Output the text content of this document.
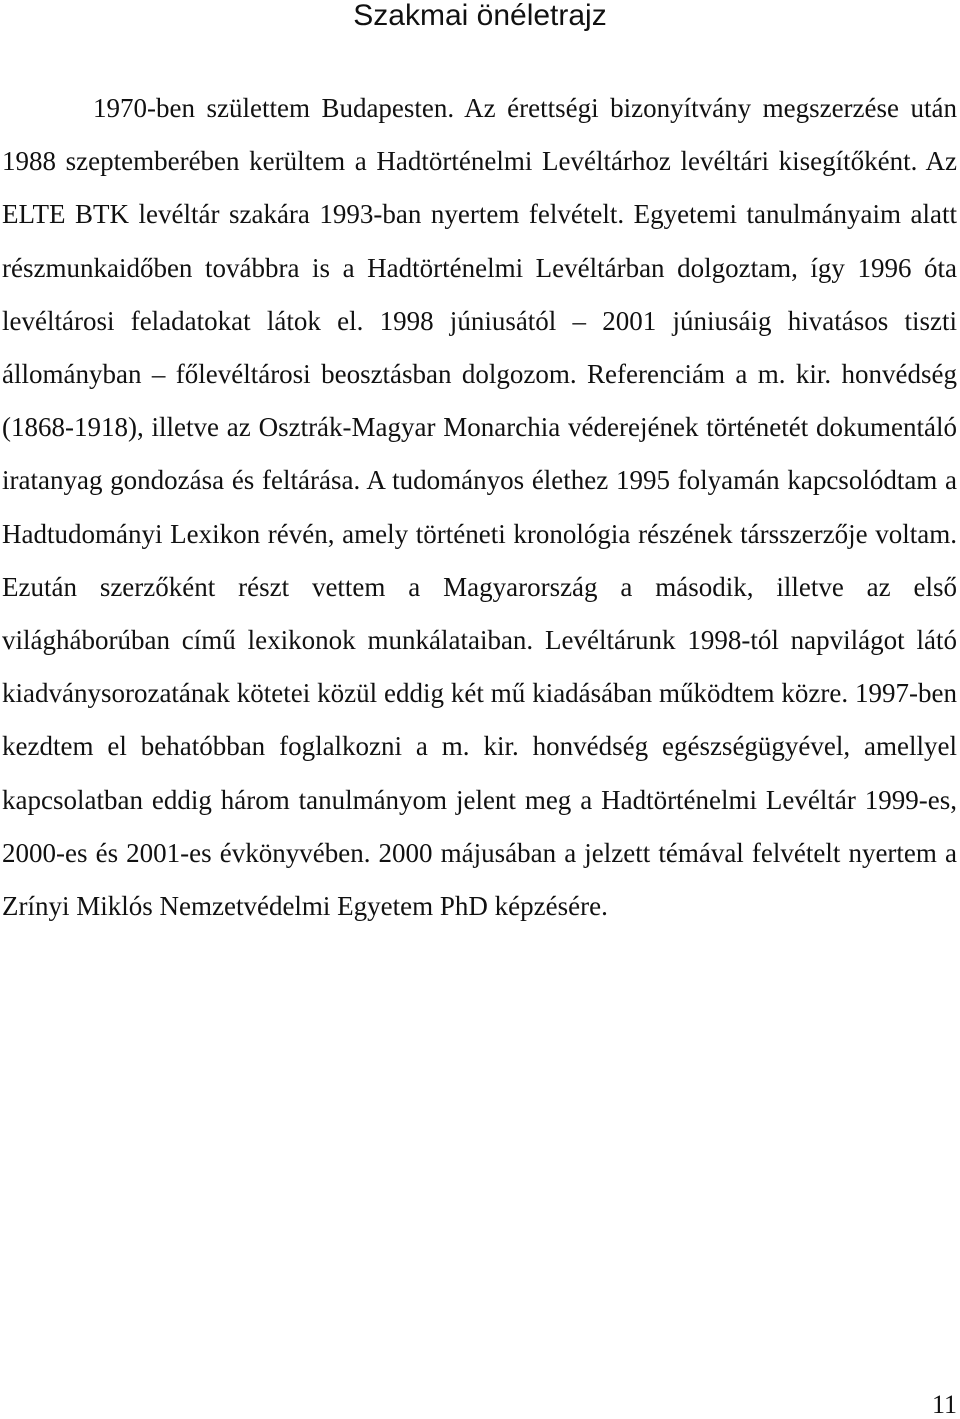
Szakmai önéletrajz

1970-ben születtem Budapesten. Az érettségi bizonyítvány megszerzése után 1988 szeptemberében kerültem a Hadtörténelmi Levéltárhoz levéltári kisegítőként. Az ELTE BTK levéltár szakára 1993-ban nyertem felvételt. Egyetemi tanulmányaim alatt részmunkaidőben továbbra is a Hadtörténelmi Levéltárban dolgoztam, így 1996 óta levéltárosi feladatokat látok el. 1998 júniusától – 2001 júniusáig hivatásos tiszti állományban – főlevéltárosi beosztásban dolgozom. Referenciám a m. kir. honvédség (1868-1918), illetve az Osztrák-Magyar Monarchia véderejének történetét dokumentáló iratanyag gondozása és feltárása. A tudományos élethez 1995 folyamán kapcsolódtam a Hadtudományi Lexikon révén, amely történeti kronológia részének társszerzője voltam. Ezután szerzőként részt vettem a Magyarország a második, illetve az első világháborúban című lexikonok munkálataiban. Levéltárunk 1998-tól napvilágot látó kiadványsorozatának kötetei közül eddig két mű kiadásában működtem közre. 1997-ben kezdtem el behatóbban foglalkozni a m. kir. honvédség egészségügyével, amellyel kapcsolatban eddig három tanulmányom jelent meg a Hadtörténelmi Levéltár 1999-es, 2000-es és 2001-es évkönyvében. 2000 májusában a jelzett témával felvételt nyertem a Zrínyi Miklós Nemzetvédelmi Egyetem PhD képzésére.

11
